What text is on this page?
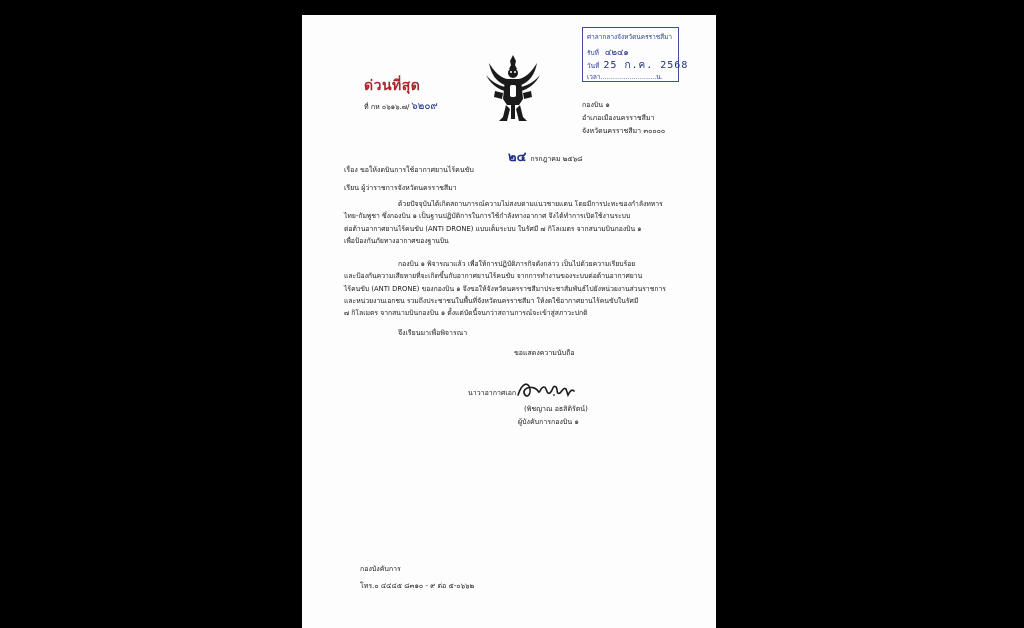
ด่วนที่สุด
ที่ กห ๐๖๑๖.๗/ ๖๒๐๙
ศาลากลางจังหวัดนครราชสีมา
รับที่ ๔๒๔๑
วันที่ 25 ก.ค. 2568
เวลา...........................น.
กองบิน ๑
อำเภอเมืองนครราชสีมา
จังหวัดนครราชสีมา ๓๐๐๐๐
๒๔ กรกฎาคม ๒๕๖๘
เรื่อง ขอให้งดบินการใช้อากาศยานไร้คนขับ
เรียน ผู้ว่าราชการจังหวัดนครราชสีมา
ด้วยปัจจุบันได้เกิดสถานการณ์ความไม่สงบตามแนวชายแดน โดยมีการปะทะของกำลังทหาร
ไทย-กัมพูชา ซึ่งกองบิน ๑ เป็นฐานปฏิบัติการในการใช้กำลังทางอากาศ จึงได้ทำการเปิดใช้งานระบบ
ต่อต้านอากาศยานไร้คนขับ (ANTI DRONE) แบบเต็มระบบ ในรัศมี ๗ กิโลเมตร จากสนามบินกองบิน ๑
เพื่อป้องกันภัยทางอากาศของฐานบิน
กองบิน ๑ พิจารณาแล้ว เพื่อให้การปฏิบัติภารกิจดังกล่าว เป็นไปด้วยความเรียบร้อย
และป้องกันความเสียหายที่จะเกิดขึ้นกับอากาศยานไร้คนขับ จากการทำงานของระบบต่อต้านอากาศยาน
ไร้คนขับ (ANTI DRONE) ของกองบิน ๑ จึงขอให้จังหวัดนครราชสีมาประชาสัมพันธ์ไปยังหน่วยงานส่วนราชการ
และหน่วยงานเอกชน รวมถึงประชาชนในพื้นที่จังหวัดนครราชสีมา ให้งดใช้อากาศยานไร้คนขับในรัศมี
๗ กิโลเมตร จากสนามบินกองบิน ๑ ตั้งแต่บัดนี้จนกว่าสถานการณ์จะเข้าสู่สภาวะปกติ
จึงเรียนมาเพื่อพิจารณา
ขอแสดงความนับถือ
นาวาอากาศเอก
(พิชญาณ อธสิติรัตน์)
ผู้บังคับการกองบิน ๑
กองบังคับการ
โทร.๐ ๔๔๔๕ ๘๓๑๐ - ๙ ต่อ ๕-๐๖๖๒
